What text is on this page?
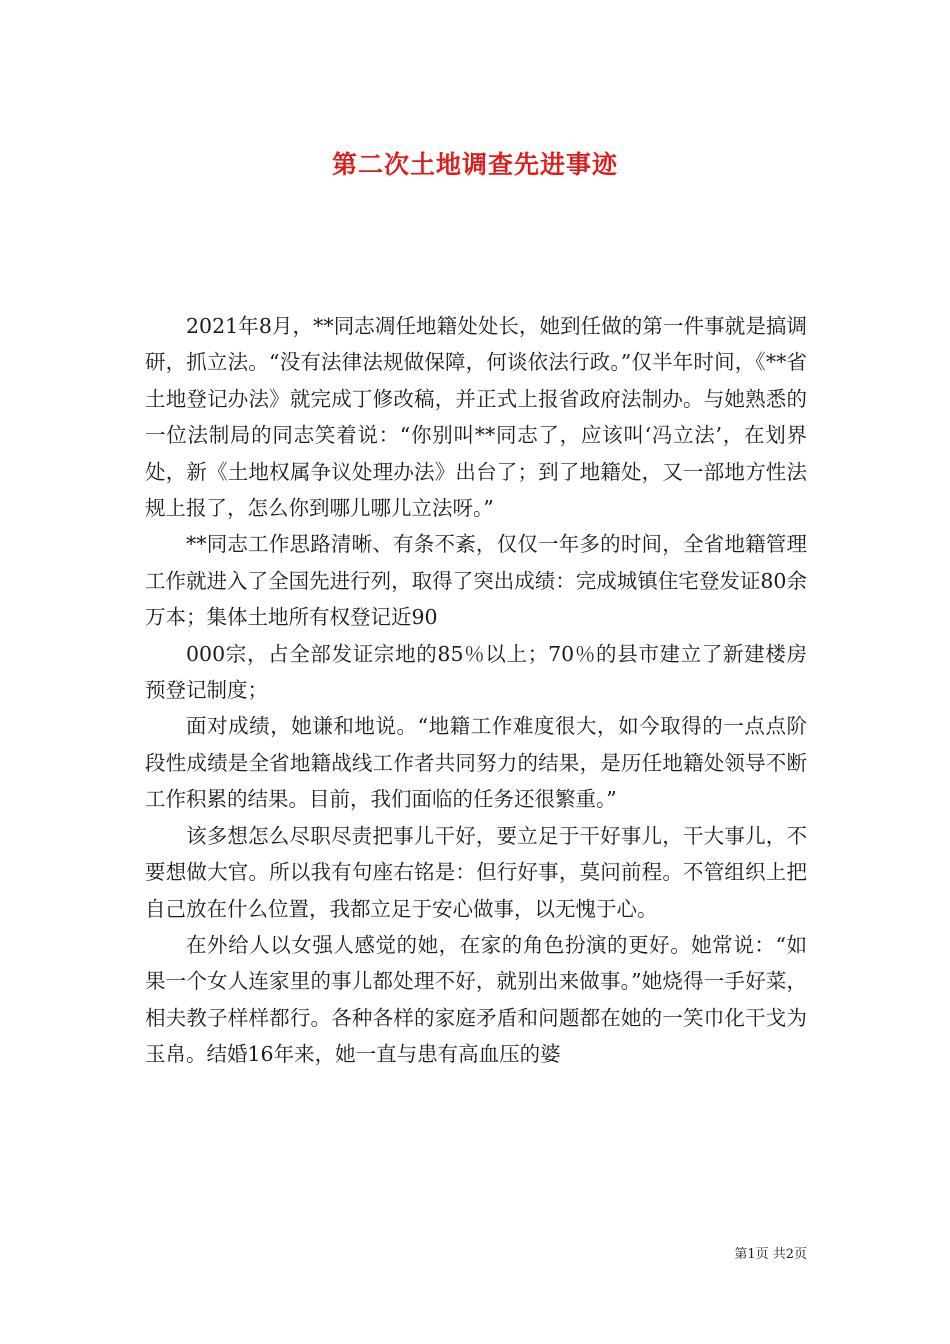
第二次土地调查先进事迹

2021年8月，**同志凋任地籍处处长，她到任做的第一件事就是搞调研，抓立法。“没有法律法规做保障，何谈依法行政。”仅半年时间，《**省土地登记办法》就完成丁修改稿，并正式上报省政府法制办。与她熟悉的一位法制局的同志笑着说：“你别叫**同志了，应该叫‘冯立法’，在划界处，新《土地权属争议处理办法》出台了；到了地籍处，又一部地方性法规上报了，怎么你到哪儿哪儿立法呀。”

**同志工作思路清晰、有条不紊，仅仅一年多的时间，全省地籍管理工作就进入了全国先进行列，取得了突出成绩：完成城镇住宅登发证80余万本；集体土地所有权登记近90

000宗，占全部发证宗地的85％以上；70％的县市建立了新建楼房预登记制度；

面对成绩，她谦和地说。“地籍工作难度很大，如今取得的一点点阶段性成绩是全省地籍战线工作者共同努力的结果，是历任地籍处领导不断工作积累的结果。目前，我们面临的任务还很繁重。”

该多想怎么尽职尽责把事儿干好，要立足于干好事儿，干大事儿，不要想做大官。所以我有句座右铭是：但行好事，莫问前程。不管组织上把自己放在什么位置，我都立足于安心做事，以无愧于心。

在外给人以女强人感觉的她，在家的角色扮演的更好。她常说：“如果一个女人连家里的事儿都处理不好，就别出来做事。”她烧得一手好菜，相夫教子样样都行。各种各样的家庭矛盾和问题都在她的一笑巾化干戈为玉帛。结婚16年来，她一直与患有高血压的婆

第1页 共2页
